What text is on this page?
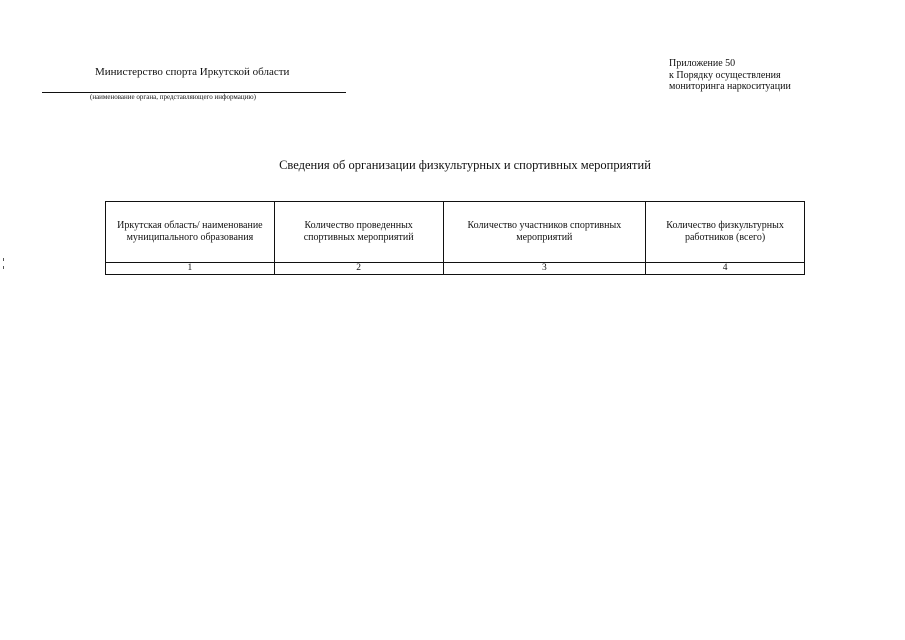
Министерство спорта Иркутской области
(наименование органа, представляющего информацию)
Приложение 50
к Порядку осуществления
мониторинга наркоситуации
Сведения об организации физкультурных и спортивных мероприятий
Иркутская область/ наименование муниципального образования	Количество проведенных спортивных мероприятий	Количество участников спортивных мероприятий	Количество физкультурных работников (всего)
1	2	3	4
